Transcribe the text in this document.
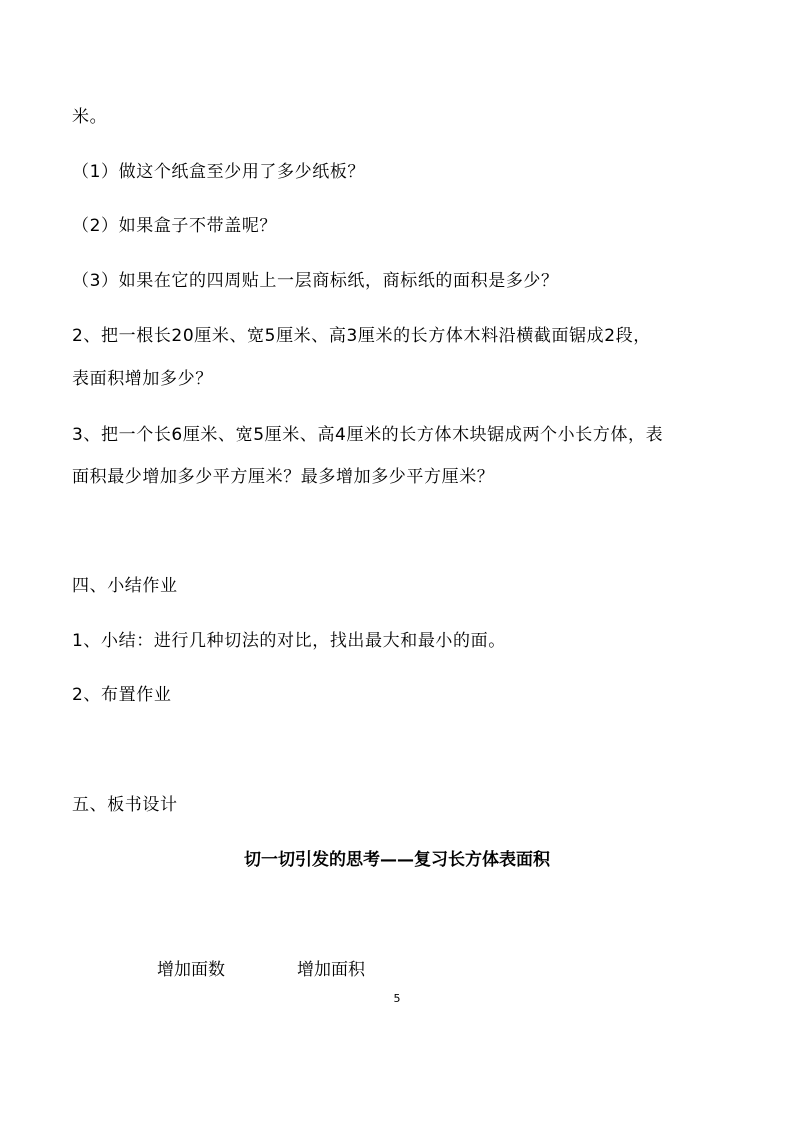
米。
（1）做这个纸盒至少用了多少纸板？
（2）如果盒子不带盖呢？
（3）如果在它的四周贴上一层商标纸，商标纸的面积是多少？
2、把一根长20厘米、宽5厘米、高3厘米的长方体木料沿横截面锯成2段，
表面积增加多少？
3、把一个长6厘米、宽5厘米、高4厘米的长方体木块锯成两个小长方体，表
面积最少增加多少平方厘米？最多增加多少平方厘米？
四、小结作业
1、小结：进行几种切法的对比，找出最大和最小的面。
2、布置作业
五、板书设计
切一切引发的思考——复习长方体表面积
增加面数	增加面积
5
